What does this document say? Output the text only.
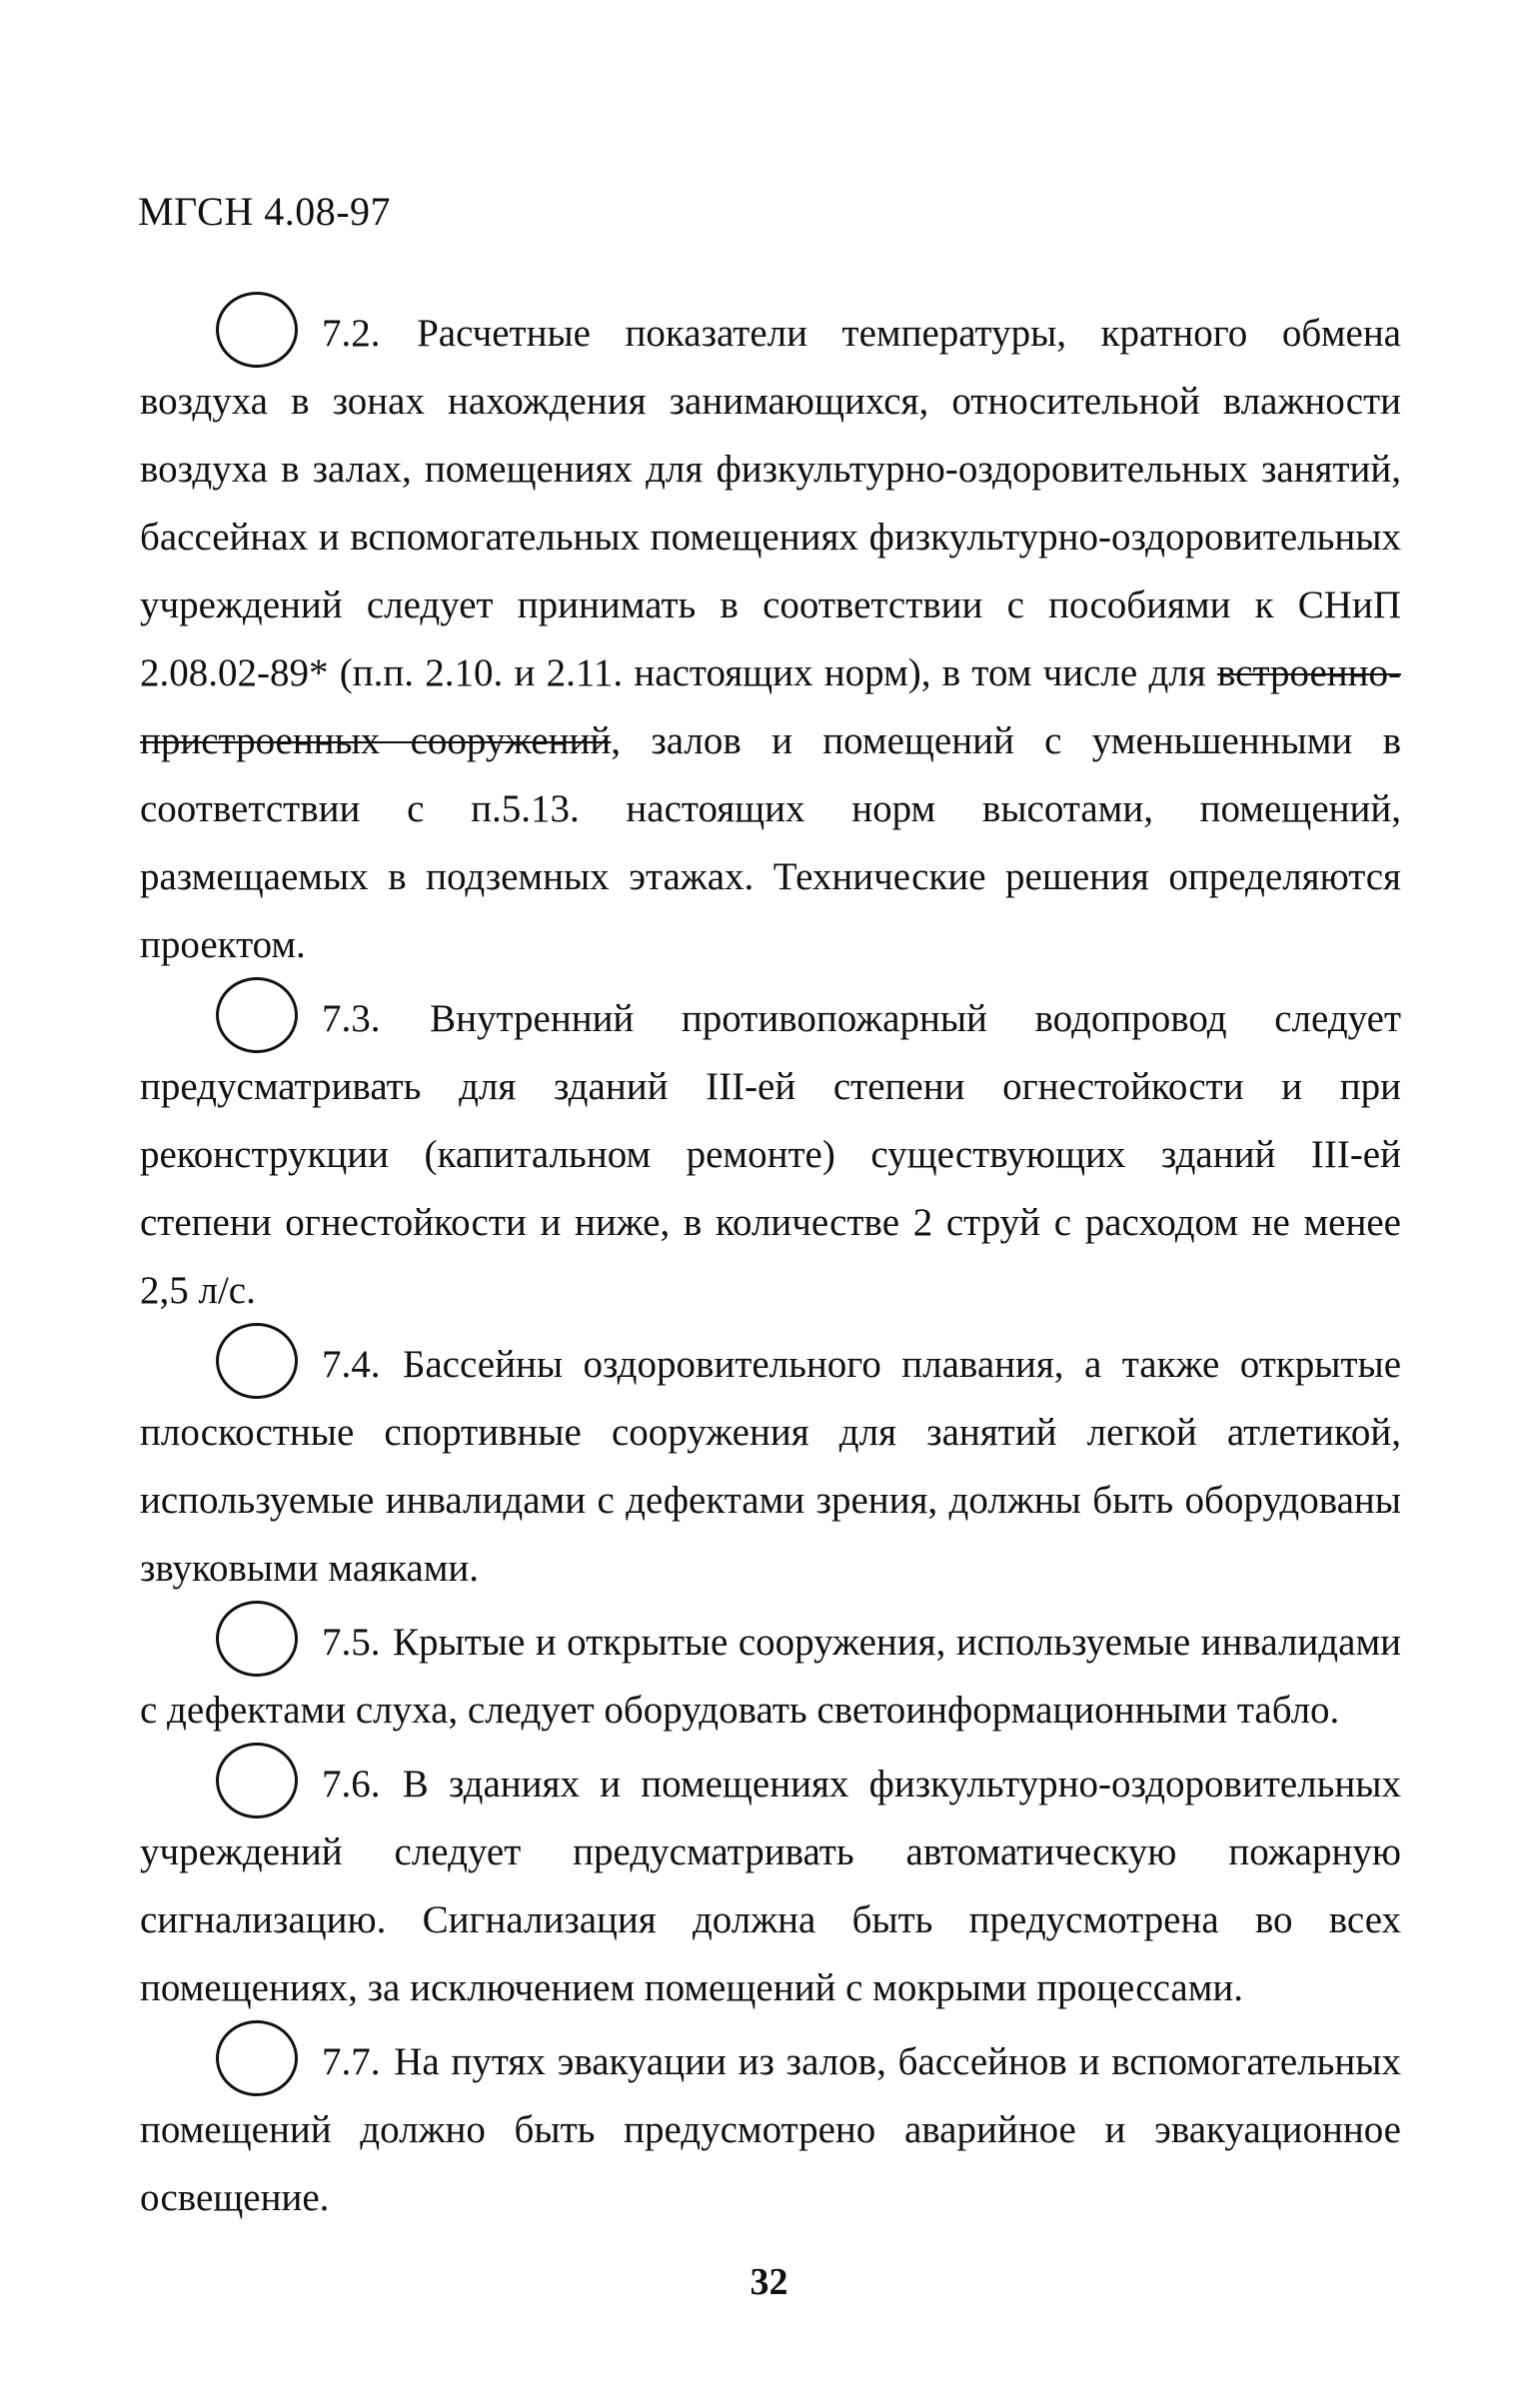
МГСН 4.08-97

7.2. Расчетные показатели температуры, кратного обмена воздуха в зонах нахождения занимающихся, относительной влажности воздуха в залах, помещениях для физкультурно-оздоровительных занятий, бассейнах и вспомогательных помещениях физкультурно-оздоровительных учреждений следует принимать в соответствии с пособиями к СНиП 2.08.02-89* (п.п. 2.10. и 2.11. настоящих норм), в том числе для встроенно-пристроенных сооружений, залов и помещений с уменьшенными в соответствии с п.5.13. настоящих норм высотами, помещений, размещаемых в подземных этажах. Технические решения определяются проектом.

7.3. Внутренний противопожарный водопровод следует предусматривать для зданий III-ей степени огнестойкости и при реконструкции (капитальном ремонте) существующих зданий III-ей степени огнестойкости и ниже, в количестве 2 струй с расходом не менее 2,5 л/с.

7.4. Бассейны оздоровительного плавания, а также открытые плоскостные спортивные сооружения для занятий легкой атлетикой, используемые инвалидами с дефектами зрения, должны быть оборудованы звуковыми маяками.

7.5. Крытые и открытые сооружения, используемые инвалидами с дефектами слуха, следует оборудовать светоинформационными табло.

7.6. В зданиях и помещениях физкультурно-оздоровительных учреждений следует предусматривать автоматическую пожарную сигнализацию. Сигнализация должна быть предусмотрена во всех помещениях, за исключением помещений с мокрыми процессами.

7.7. На путях эвакуации из залов, бассейнов и вспомогательных помещений должно быть предусмотрено аварийное и эвакуационное освещение.

32
